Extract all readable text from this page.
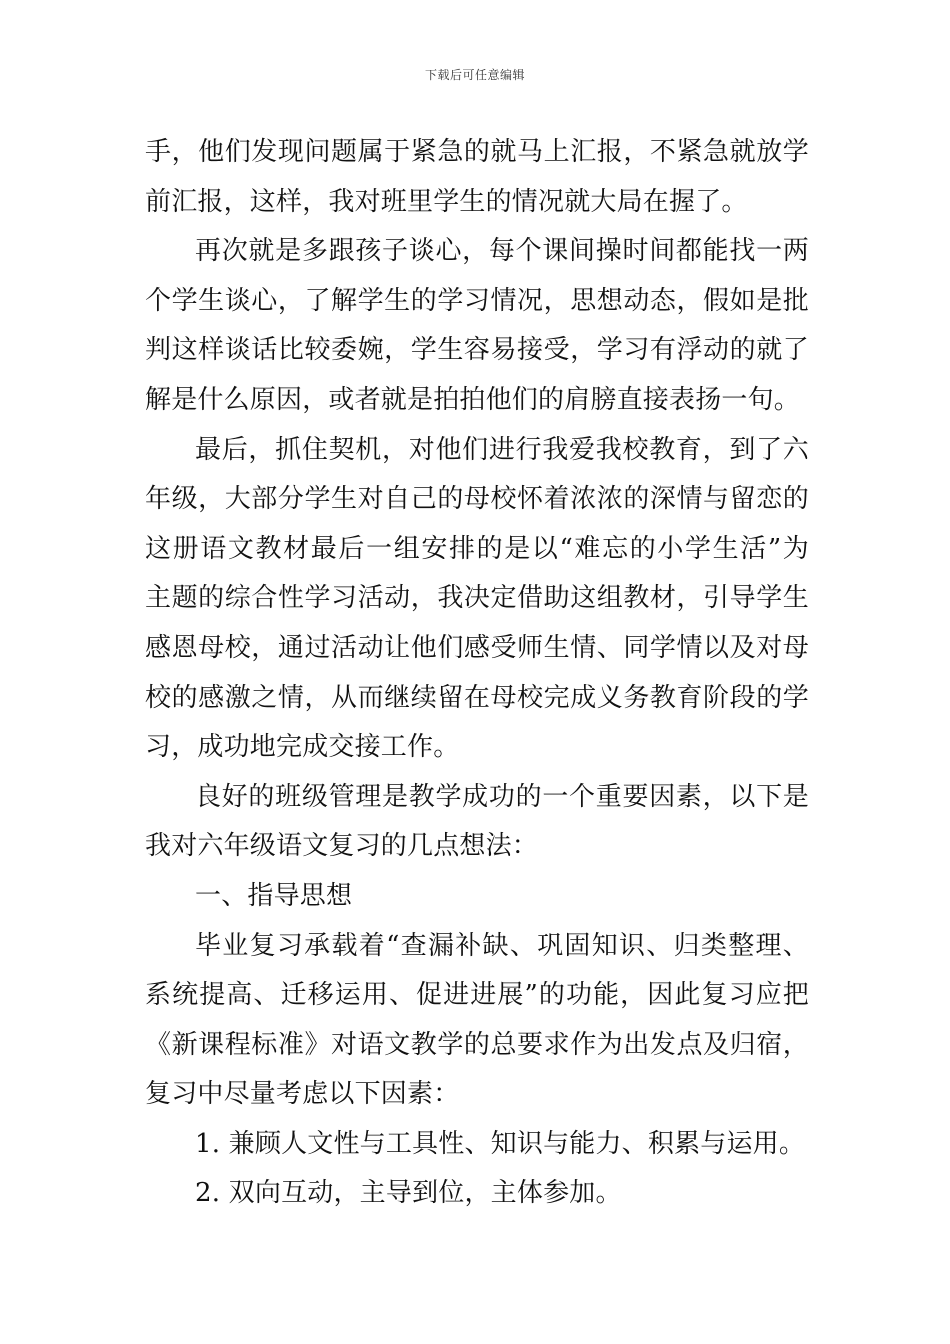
下载后可任意编辑
手，他们发现问题属于紧急的就马上汇报，不紧急就放学
前汇报，这样，我对班里学生的情况就大局在握了。
再次就是多跟孩子谈心，每个课间操时间都能找一两
个学生谈心，了解学生的学习情况，思想动态，假如是批
判这样谈话比较委婉，学生容易接受，学习有浮动的就了
解是什么原因，或者就是拍拍他们的肩膀直接表扬一句。
最后，抓住契机，对他们进行我爱我校教育，到了六
年级，大部分学生对自己的母校怀着浓浓的深情与留恋的
这册语文教材最后一组安排的是以“难忘的小学生活”为
主题的综合性学习活动，我决定借助这组教材，引导学生
感恩母校，通过活动让他们感受师生情、同学情以及对母
校的感激之情，从而继续留在母校完成义务教育阶段的学
习，成功地完成交接工作。
良好的班级管理是教学成功的一个重要因素，以下是
我对六年级语文复习的几点想法：
一、指导思想
毕业复习承载着“查漏补缺、巩固知识、归类整理、
系统提高、迁移运用、促进进展”的功能，因此复习应把
《新课程标准》对语文教学的总要求作为出发点及归宿，
复习中尽量考虑以下因素：
1. 兼顾人文性与工具性、知识与能力、积累与运用。
2. 双向互动，主导到位，主体参加。
